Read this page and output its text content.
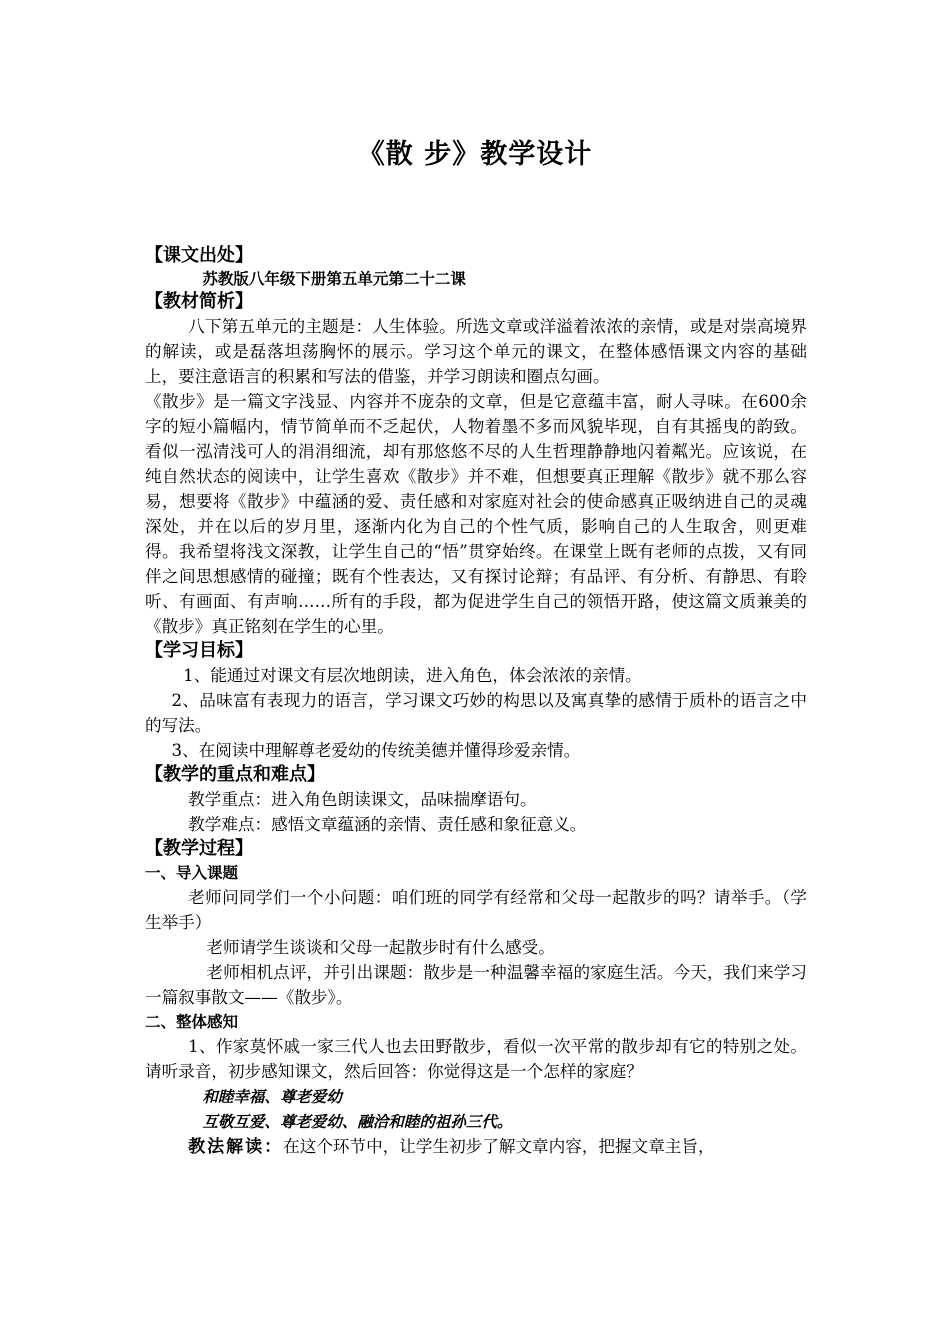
《散 步》教学设计

【课文出处】

苏教版八年级下册第五单元第二十二课

【教材简析】

八下第五单元的主题是：人生体验。所选文章或洋溢着浓浓的亲情，或是对崇高境界的解读，或是磊落坦荡胸怀的展示。学习这个单元的课文，在整体感悟课文内容的基础上，要注意语言的积累和写法的借鉴，并学习朗读和圈点勾画。

《散步》是一篇文字浅显、内容并不庞杂的文章，但是它意蕴丰富，耐人寻味。在600余字的短小篇幅内，情节简单而不乏起伏，人物着墨不多而风貌毕现，自有其摇曳的韵致。看似一泓清浅可人的涓涓细流，却有那悠悠不尽的人生哲理静静地闪着粼光。应该说，在纯自然状态的阅读中，让学生喜欢《散步》并不难，但想要真正理解《散步》就不那么容易，想要将《散步》中蕴涵的爱、责任感和对家庭对社会的使命感真正吸纳进自己的灵魂深处，并在以后的岁月里，逐渐内化为自己的个性气质，影响自己的人生取舍，则更难得。我希望将浅文深教，让学生自己的“悟”贯穿始终。在课堂上既有老师的点拨，又有同伴之间思想感情的碰撞；既有个性表达，又有探讨论辩；有品评、有分析、有静思、有聆听、有画面、有声响……所有的手段，都为促进学生自己的领悟开路，使这篇文质兼美的《散步》真正铭刻在学生的心里。

【学习目标】

1、能通过对课文有层次地朗读，进入角色，体会浓浓的亲情。

2、品味富有表现力的语言，学习课文巧妙的构思以及寓真挚的感情于质朴的语言之中的写法。

3、在阅读中理解尊老爱幼的传统美德并懂得珍爱亲情。

【教学的重点和难点】

教学重点：进入角色朗读课文，品味揣摩语句。

教学难点：感悟文章蕴涵的亲情、责任感和象征意义。

【教学过程】

一、导入课题

老师问同学们一个小问题：咱们班的同学有经常和父母一起散步的吗？请举手。（学生举手）

老师请学生谈谈和父母一起散步时有什么感受。

老师相机点评，并引出课题：散步是一种温馨幸福的家庭生活。今天，我们来学习一篇叙事散文——《散步》。

二、整体感知

1、作家莫怀戚一家三代人也去田野散步，看似一次平常的散步却有它的特别之处。请听录音，初步感知课文，然后回答：你觉得这是一个怎样的家庭？

和睦幸福、尊老爱幼

互敬互爱、尊老爱幼、融洽和睦的祖孙三代。

教法解读：在这个环节中，让学生初步了解文章内容，把握文章主旨，
